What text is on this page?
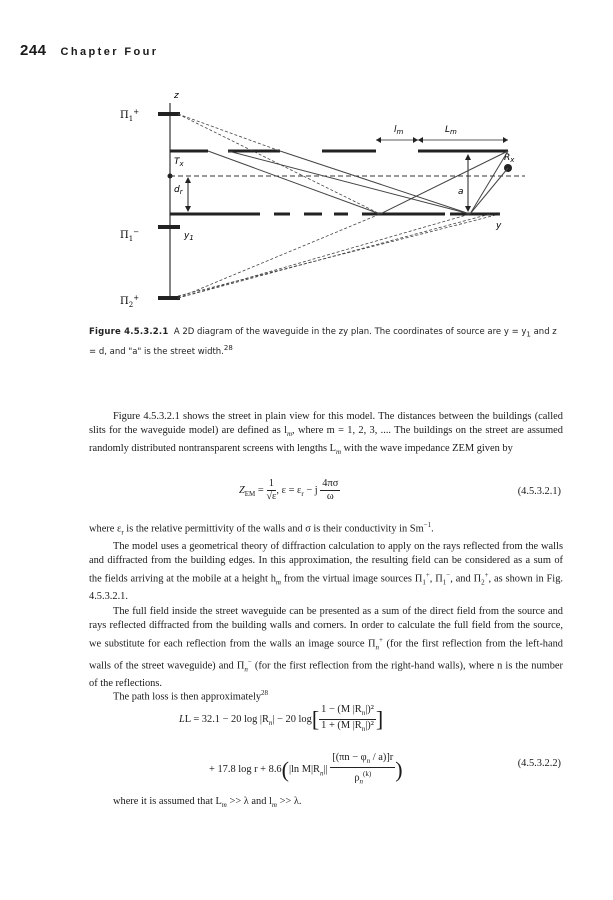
244 Chapter Four
z
$\Pi_1^+$
$\Pi_1^-$
$\Pi_2^+$
y
$T_x$
$R_x$
$d_r$
$y_1$
a
$l_m$	$L_m$
Figure 4.5.3.2.1 A 2D diagram of the waveguide in the zy plan. The coordinates of source are $y = y_1$ and z = d, and "a" is the street width.$^{28}$

Figure 4.5.3.2.1 shows the street in plain view for this model. The distances between the buildings (called slits for the waveguide model) are defined as $l_m$, where m = 1, 2, 3, .... The buildings on the street are assumed randomly distributed nontransparent screens with lengths $L_m$ with the wave impedance ZEM given by

$Z_{EM} = \frac{1}{√\varepsilon}$ , $\varepsilon = \varepsilon_r - j \frac{4\pi\sigma}{\omega}$	(4.5.3.2.1)

where $\varepsilon_r$ is the relative permittivity of the walls and σ is their conductivity in $Sm^{-1}$.

The model uses a geometrical theory of diffraction calculation to apply on the rays reflected from the walls and diffracted from the building edges. In this approximation, the resulting field can be considered as a sum of the fields arriving at the mobile at a height $h_m$ from the virtual image sources $\Pi_1^+$, $\Pi_1^-$, and $\Pi_2^+$, as shown in Fig. 4.5.3.2.1.

The full field inside the street waveguide can be presented as a sum of the direct field from the source and rays reflected diffracted from the building walls and corners. In order to calculate the full field from the source, we substitute for each reflection from the walls an image source $\Pi_n^+$ (for the first reflection from the left-hand walls of the street waveguide) and $\Pi_n^-$ (for the first reflection from the right-hand walls), where n is the number of the reflections.

The path loss is then approximately$^{28}$

LL = 32.1 − 20 $\log |R_n| - 20$ $\log[ \frac{1 - (M |R_n|)^2}{1 + (M |R_n|)^2}$ ]
+ 17.8 log r + 8.6(|ln $M|R_n|| \frac{[(\pi n - \varphi_n / a)]r}{\rho_n^{(k)}}$ )	(4.5.3.2.2)

where it is assumed that $L_m >> \lambda$ and $l_m >> \lambda$.
